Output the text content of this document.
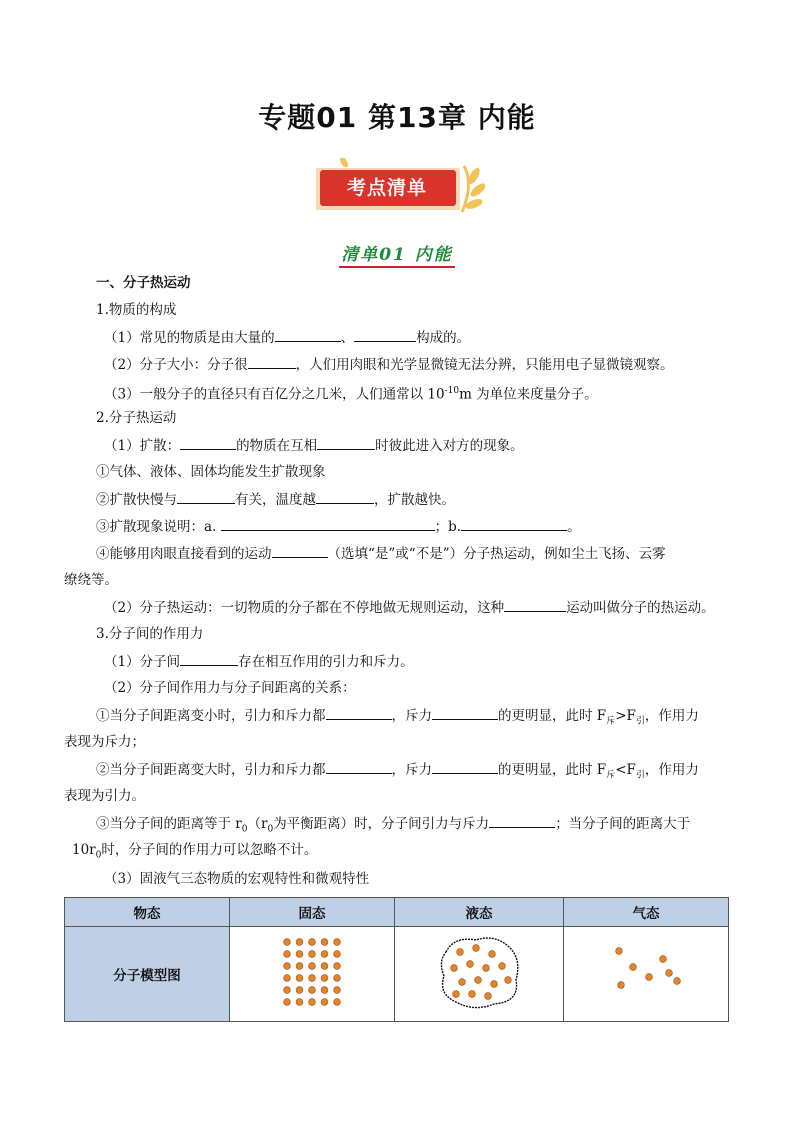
专题01 第13章 内能
考点清单
清单01 内能
一、分子热运动
1.物质的构成
（1）常见的物质是由大量的	、	构成的。
（2）分子大小：分子很	，人们用肉眼和光学显微镜无法分辨，只能用电子显微镜观察。
（3）一般分子的直径只有百亿分之几米，人们通常以 $10^{-10}m$ 为单位来度量分子。
2.分子热运动
（1）扩散：	的物质在互相	时彼此进入对方的现象。
①气体、液体、固体均能发生扩散现象
②扩散快慢与	有关，温度越	，扩散越快。
③扩散现象说明：a.	；b.	。
④能够用肉眼直接看到的运动	（选填“是”或“不是”）分子热运动，例如尘土飞扬、云雾
缭绕等。
（2）分子热运动：一切物质的分子都在不停地做无规则运动，这种	运动叫做分子的热运动。
3.分子间的作用力
（1）分子间	存在相互作用的引力和斥力。
（2）分子间作用力与分子间距离的关系：
①当分子间距离变小时，引力和斥力都	，斥力	的更明显，此时 $F_斥>F_引$，作用力
表现为斥力；
②当分子间距离变大时，引力和斥力都	，斥力	的更明显，此时 $F_斥<F_引$，作用力
表现为引力。
③当分子间的距离等于 $r_0(r_0$为平衡距离）时，分子间引力与斥力	；当分子间的距离大于
$10r_0$时，分子间的作用力可以忽略不计。
（3）固液气三态物质的宏观特性和微观特性
物态	固态	液态	气态
分子模型图			
